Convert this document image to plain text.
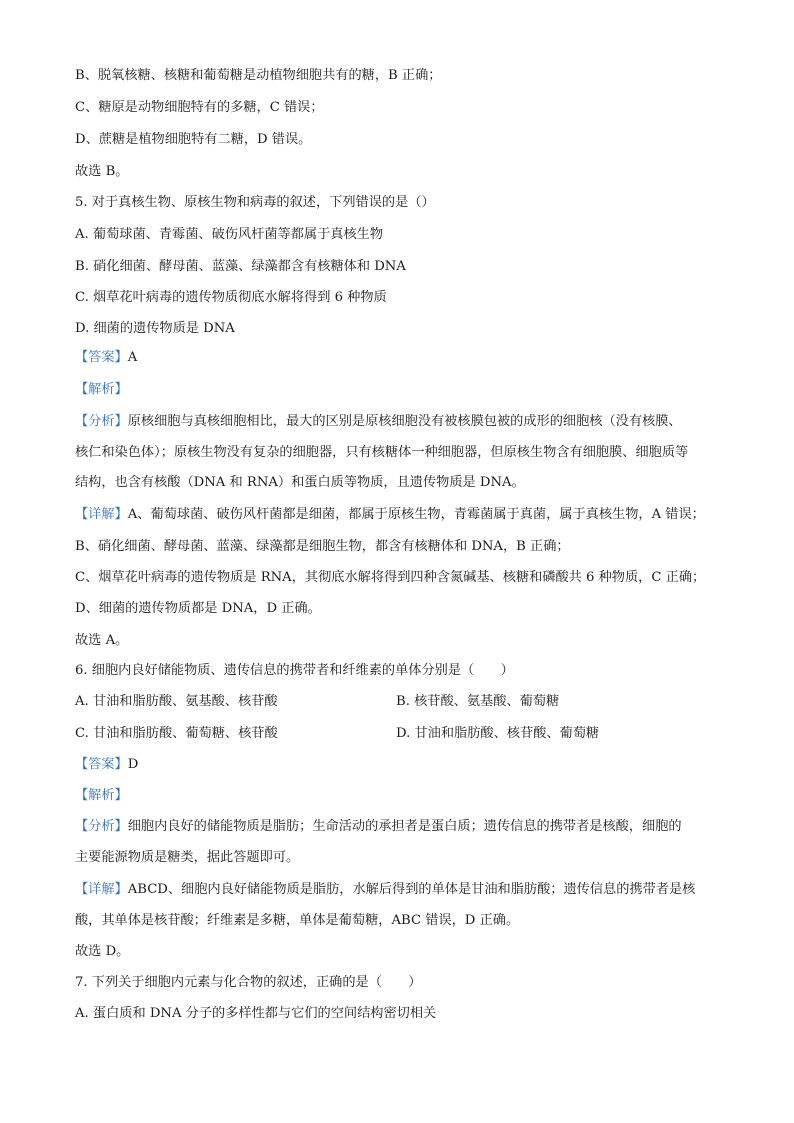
B、脱氧核糖、核糖和葡萄糖是动植物细胞共有的糖，B 正确；
C、糖原是动物细胞特有的多糖，C 错误；
D、蔗糖是植物细胞特有二糖，D 错误。
故选 B。
5. 对于真核生物、原核生物和病毒的叙述，下列错误的是（）
A. 葡萄球菌、青霉菌、破伤风杆菌等都属于真核生物
B. 硝化细菌、酵母菌、蓝藻、绿藻都含有核糖体和 DNA
C. 烟草花叶病毒的遗传物质彻底水解将得到 6 种物质
D. 细菌的遗传物质是 DNA
【答案】A
【解析】
【分析】原核细胞与真核细胞相比，最大的区别是原核细胞没有被核膜包被的成形的细胞核（没有核膜、
核仁和染色体）；原核生物没有复杂的细胞器，只有核糖体一种细胞器，但原核生物含有细胞膜、细胞质等
结构，也含有核酸（DNA 和 RNA）和蛋白质等物质，且遗传物质是 DNA。
【详解】A、葡萄球菌、破伤风杆菌都是细菌，都属于原核生物，青霉菌属于真菌，属于真核生物，A 错误；
B、硝化细菌、酵母菌、蓝藻、绿藻都是细胞生物，都含有核糖体和 DNA，B 正确；
C、烟草花叶病毒的遗传物质是 RNA，其彻底水解将得到四种含氮碱基、核糖和磷酸共 6 种物质，C 正确；
D、细菌的遗传物质都是 DNA，D 正确。
故选 A。
6. 细胞内良好储能物质、遗传信息的携带者和纤维素的单体分别是（　　）
A. 甘油和脂肪酸、氨基酸、核苷酸	B. 核苷酸、氨基酸、葡萄糖
C. 甘油和脂肪酸、葡萄糖、核苷酸	D. 甘油和脂肪酸、核苷酸、葡萄糖
【答案】D
【解析】
【分析】细胞内良好的储能物质是脂肪；生命活动的承担者是蛋白质；遗传信息的携带者是核酸，细胞的
主要能源物质是糖类，据此答题即可。
【详解】ABCD、细胞内良好储能物质是脂肪，水解后得到的单体是甘油和脂肪酸；遗传信息的携带者是核
酸，其单体是核苷酸；纤维素是多糖，单体是葡萄糖，ABC 错误，D 正确。
故选 D。
7. 下列关于细胞内元素与化合物的叙述，正确的是（　　）
A. 蛋白质和 DNA 分子的多样性都与它们的空间结构密切相关
